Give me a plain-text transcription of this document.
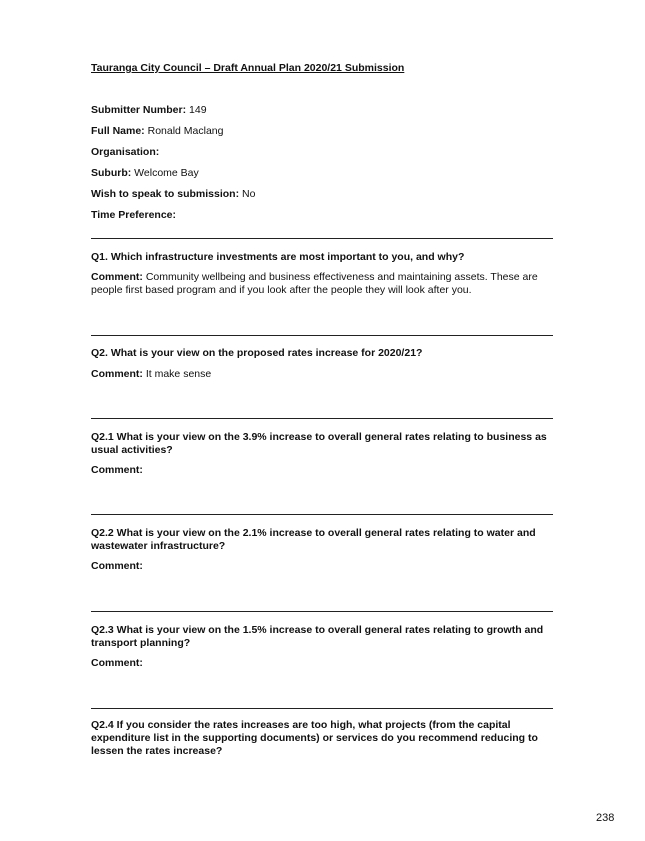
Tauranga City Council – Draft Annual Plan 2020/21 Submission
Submitter Number: 149
Full Name: Ronald Maclang
Organisation:
Suburb: Welcome Bay
Wish to speak to submission: No
Time Preference:
Q1. Which infrastructure investments are most important to you, and why?
Comment: Community wellbeing and business effectiveness and maintaining assets. These are people first based program and if you look after the people they will look after you.
Q2. What is your view on the proposed rates increase for 2020/21?
Comment: It make sense
Q2.1 What is your view on the 3.9% increase to overall general rates relating to business as usual activities?
Comment:
Q2.2 What is your view on the 2.1% increase to overall general rates relating to water and wastewater infrastructure?
Comment:
Q2.3 What is your view on the 1.5% increase to overall general rates relating to growth and transport planning?
Comment:
Q2.4 If you consider the rates increases are too high, what projects (from the capital expenditure list in the supporting documents) or services do you recommend reducing to lessen the rates increase?
238
